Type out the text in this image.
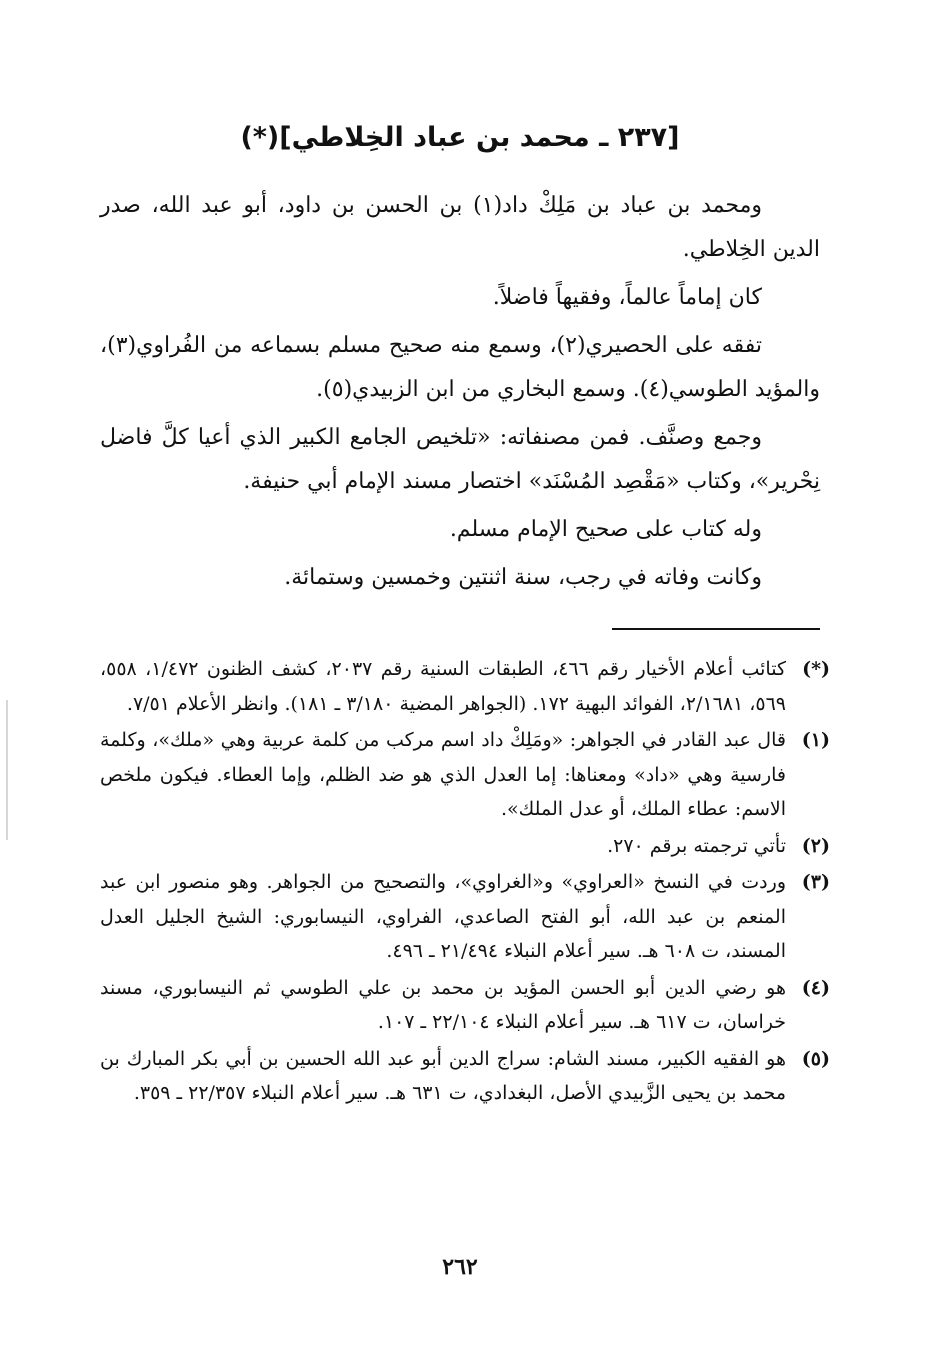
[٢٣٧ ـ محمد بن عباد الخِلاطي](*)

ومحمد بن عباد بن مَلِكْ داد(١) بن الحسن بن داود، أبو عبد الله، صدر الدين الخِلاطي.

كان إماماً عالماً، وفقيهاً فاضلاً.

تفقه على الحصيري(٢)، وسمع منه صحيح مسلم بسماعه من الفُراوي(٣)، والمؤيد الطوسي(٤). وسمع البخاري من ابن الزبيدي(٥).

وجمع وصنَّف. فمن مصنفاته: «تلخيص الجامع الكبير الذي أعيا كلَّ فاضل نِحْرير»، وكتاب «مَقْصِد المُسْنَد» اختصار مسند الإمام أبي حنيفة.

وله كتاب على صحيح الإمام مسلم.

وكانت وفاته في رجب، سنة اثنتين وخمسين وستمائة.

(*)كتائب أعلام الأخيار رقم ٤٦٦، الطبقات السنية رقم ٢٠٣٧، كشف الظنون ١/٤٧٢، ٥٥٨، ٥٦٩، ٢/١٦٨١، الفوائد البهية ١٧٢. (الجواهر المضية ٣/١٨٠ ـ ١٨١). وانظر الأعلام ٧/٥١.

(١)قال عبد القادر في الجواهر: «ومَلِكْ داد اسم مركب من كلمة عربية وهي «ملك»، وكلمة فارسية وهي «داد» ومعناها: إما العدل الذي هو ضد الظلم، وإما العطاء. فيكون ملخص الاسم: عطاء الملك، أو عدل الملك».

(٢)تأتي ترجمته برقم ٢٧٠.

(٣)وردت في النسخ «العراوي» و«الغراوي»، والتصحيح من الجواهر. وهو منصور ابن عبد المنعم بن عبد الله، أبو الفتح الصاعدي، الفراوي، النيسابوري: الشيخ الجليل العدل المسند، ت ٦٠٨ هـ. سير أعلام النبلاء ٢١/٤٩٤ ـ ٤٩٦.

(٤)هو رضي الدين أبو الحسن المؤيد بن محمد بن علي الطوسي ثم النيسابوري، مسند خراسان، ت ٦١٧ هـ. سير أعلام النبلاء ٢٢/١٠٤ ـ ١٠٧.

(٥)هو الفقيه الكبير، مسند الشام: سراج الدين أبو عبد الله الحسين بن أبي بكر المبارك بن محمد بن يحيى الزَّبيدي الأصل، البغدادي، ت ٦٣١ هـ. سير أعلام النبلاء ٢٢/٣٥٧ ـ ٣٥٩.

٢٦٢
